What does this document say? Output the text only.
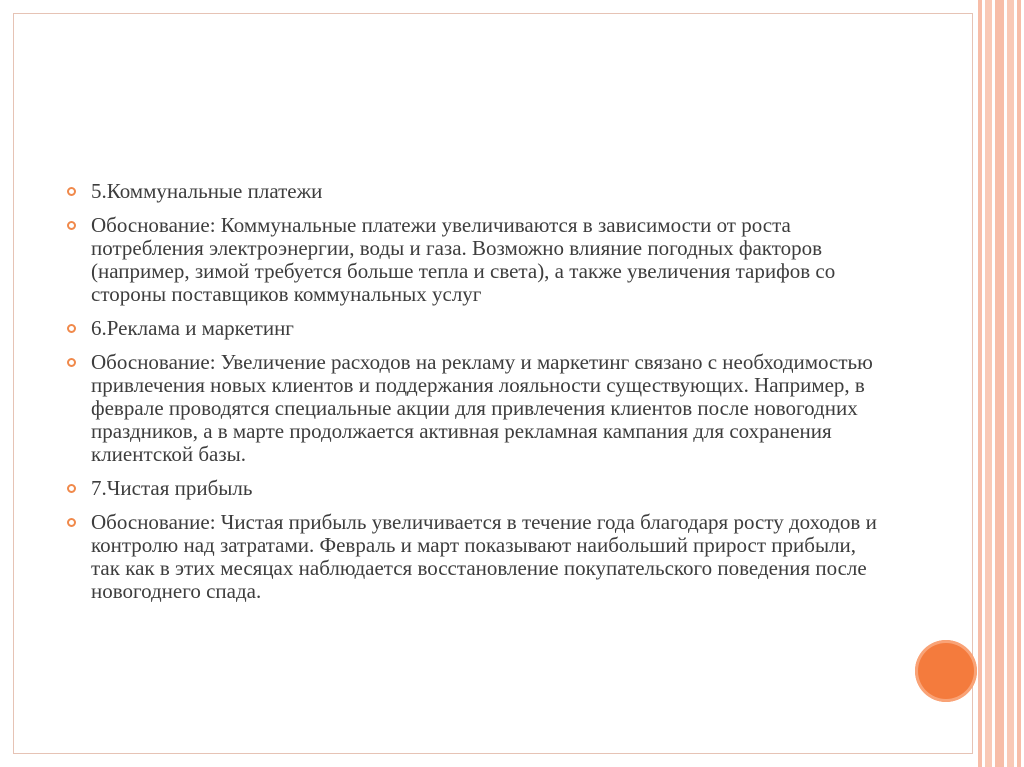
5.Коммунальные платежи
Обоснование: Коммунальные платежи увеличиваются в зависимости от роста потребления электроэнергии, воды и газа. Возможно влияние погодных факторов (например, зимой требуется больше тепла и света), а также увеличения тарифов со стороны поставщиков коммунальных услуг
6.Реклама и маркетинг
Обоснование: Увеличение расходов на рекламу и маркетинг связано с необходимостью привлечения новых клиентов и поддержания лояльности существующих. Например, в феврале проводятся специальные акции для привлечения клиентов после новогодних праздников, а в марте продолжается активная рекламная кампания для сохранения клиентской базы.
7.Чистая прибыль
Обоснование: Чистая прибыль увеличивается в течение года благодаря росту доходов и контролю над затратами. Февраль и март показывают наибольший прирост прибыли, так как в этих месяцах наблюдается восстановление покупательского поведения после новогоднего спада.
